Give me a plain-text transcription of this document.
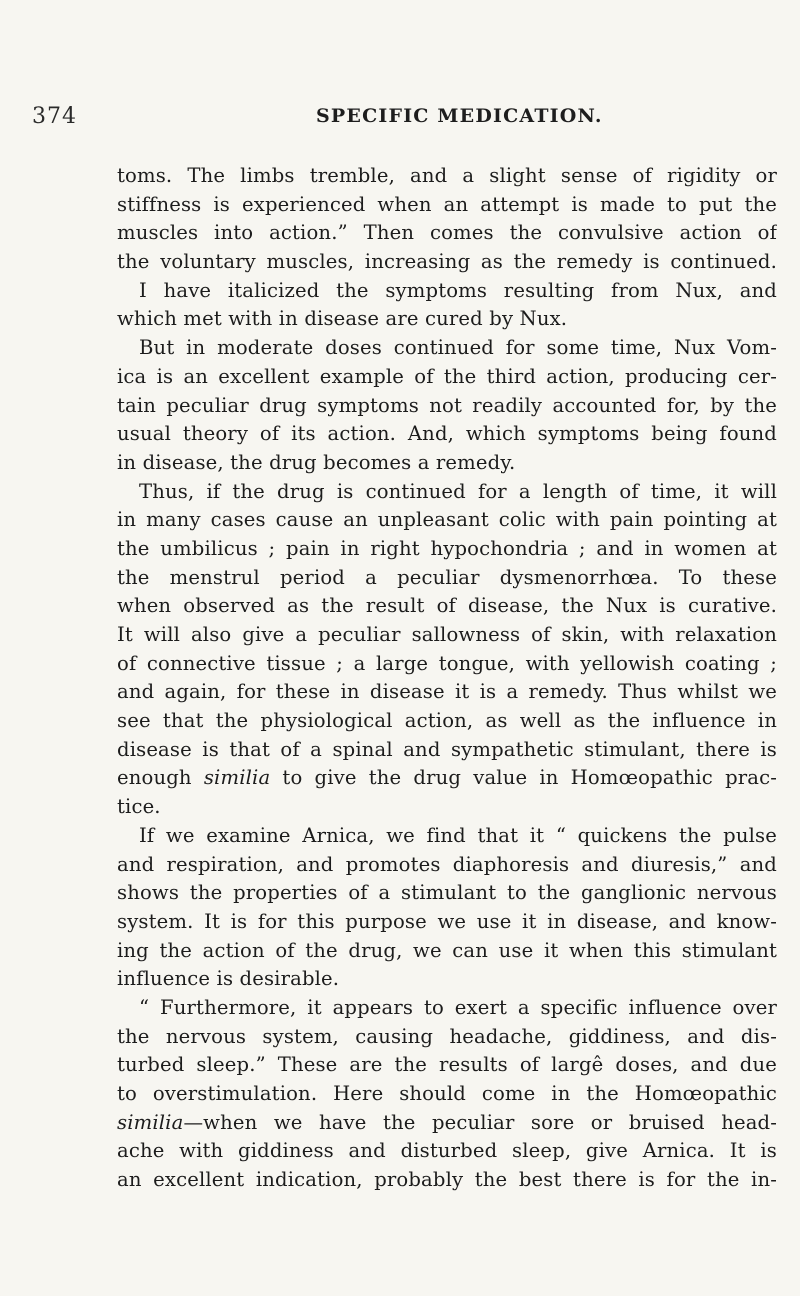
374	SPECIFIC MEDICATION.
toms. The limbs tremble, and a slight sense of rigidity or
stiffness is experienced when an attempt is made to put the
muscles into action.” Then comes the convulsive action of
the voluntary muscles, increasing as the remedy is continued.
I have italicized the symptoms resulting from Nux, and
which met with in disease are cured by Nux.
But in moderate doses continued for some time, Nux Vom-
ica is an excellent example of the third action, producing cer-
tain peculiar drug symptoms not readily accounted for, by the
usual theory of its action. And, which symptoms being found
in disease, the drug becomes a remedy.
Thus, if the drug is continued for a length of time, it will
in many cases cause an unpleasant colic with pain pointing at
the umbilicus ; pain in right hypochondria ; and in women at
the menstrul period a peculiar dysmenorrhœa. To these
when observed as the result of disease, the Nux is curative.
It will also give a peculiar sallowness of skin, with relaxation
of connective tissue ; a large tongue, with yellowish coating ;
and again, for these in disease it is a remedy. Thus whilst we
see that the physiological action, as well as the influence in
disease is that of a spinal and sympathetic stimulant, there is
enough similia to give the drug value in Homœopathic prac-
tice.
If we examine Arnica, we find that it “ quickens the pulse
and respiration, and promotes diaphoresis and diuresis,” and
shows the properties of a stimulant to the ganglionic nervous
system. It is for this purpose we use it in disease, and know-
ing the action of the drug, we can use it when this stimulant
influence is desirable.
“ Furthermore, it appears to exert a specific influence over
the nervous system, causing headache, giddiness, and dis-
turbed sleep.” These are the results of largê doses, and due
to overstimulation. Here should come in the Homœopathic
similia—when we have the peculiar sore or bruised head-
ache with giddiness and disturbed sleep, give Arnica. It is
an excellent indication, probably the best there is for the in-
